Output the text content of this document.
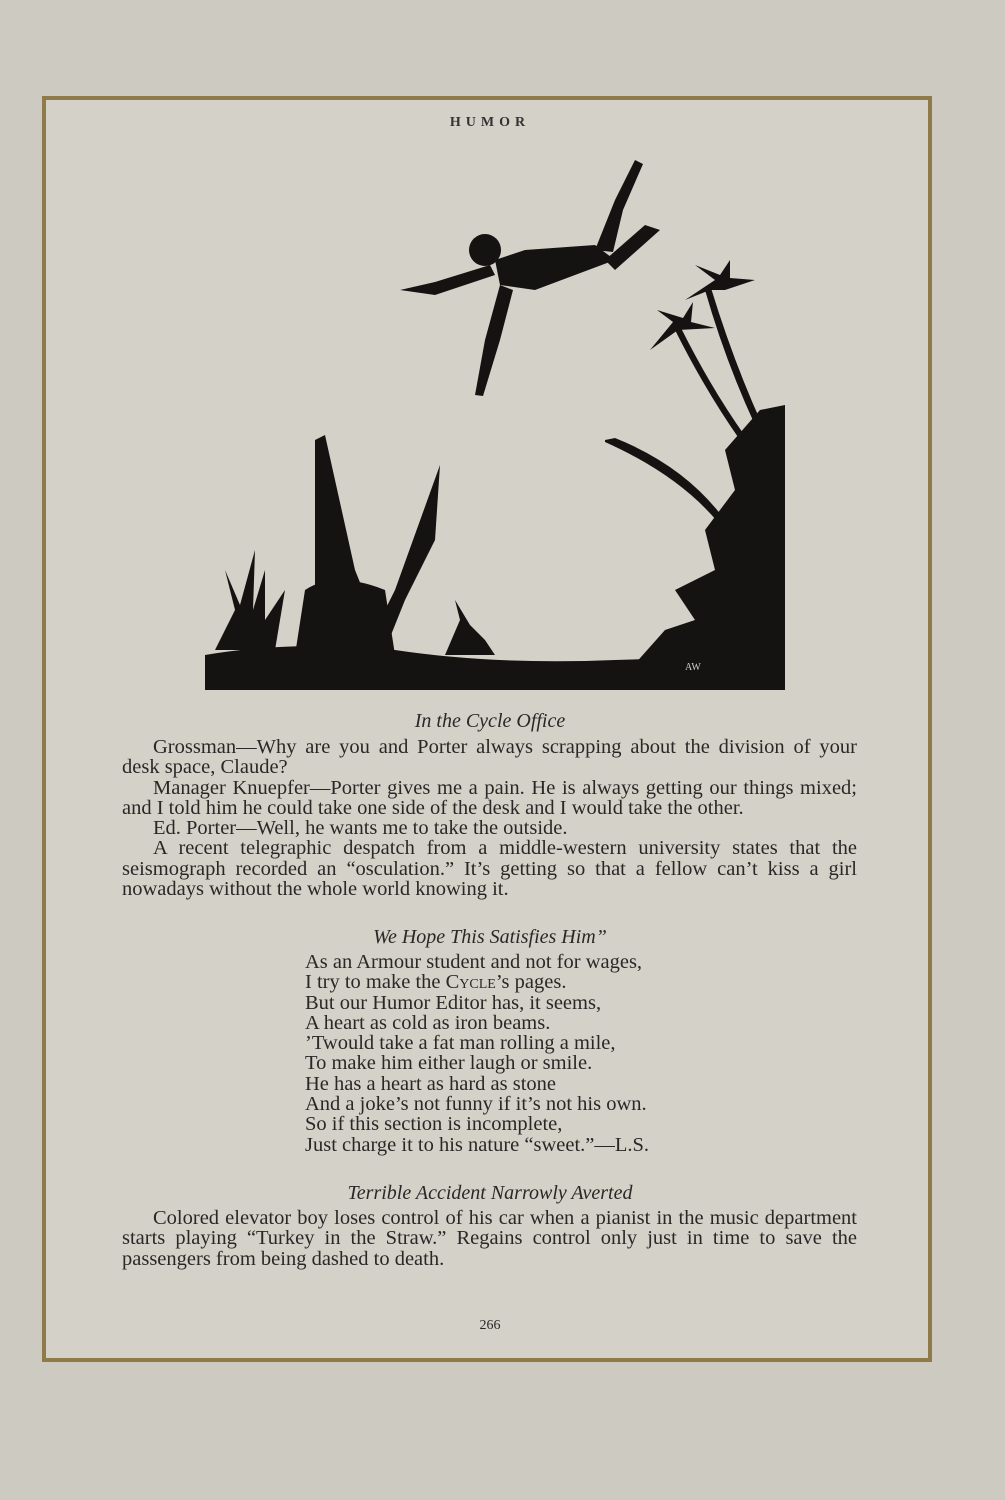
HUMOR
AW
In the Cycle Office

Grossman—Why are you and Porter always scrapping about the division of your desk space, Claude?

Manager Knuepfer—Porter gives me a pain. He is always getting our things mixed; and I told him he could take one side of the desk and I would take the other.

Ed. Porter—Well, he wants me to take the outside.

A recent telegraphic despatch from a middle-western university states that the seismograph recorded an “osculation.” It’s getting so that a fellow can’t kiss a girl nowadays without the whole world knowing it.

We Hope This Satisfies Him”
As an Armour student and not for wages,
I try to make the Cycle’s pages.
But our Humor Editor has, it seems,
A heart as cold as iron beams.
’Twould take a fat man rolling a mile,
To make him either laugh or smile.
He has a heart as hard as stone
And a joke’s not funny if it’s not his own.
So if this section is incomplete,
Just charge it to his nature “sweet.”—L.S.
Terrible Accident Narrowly Averted

Colored elevator boy loses control of his car when a pianist in the music department starts playing “Turkey in the Straw.” Regains control only just in time to save the passengers from being dashed to death.

266
